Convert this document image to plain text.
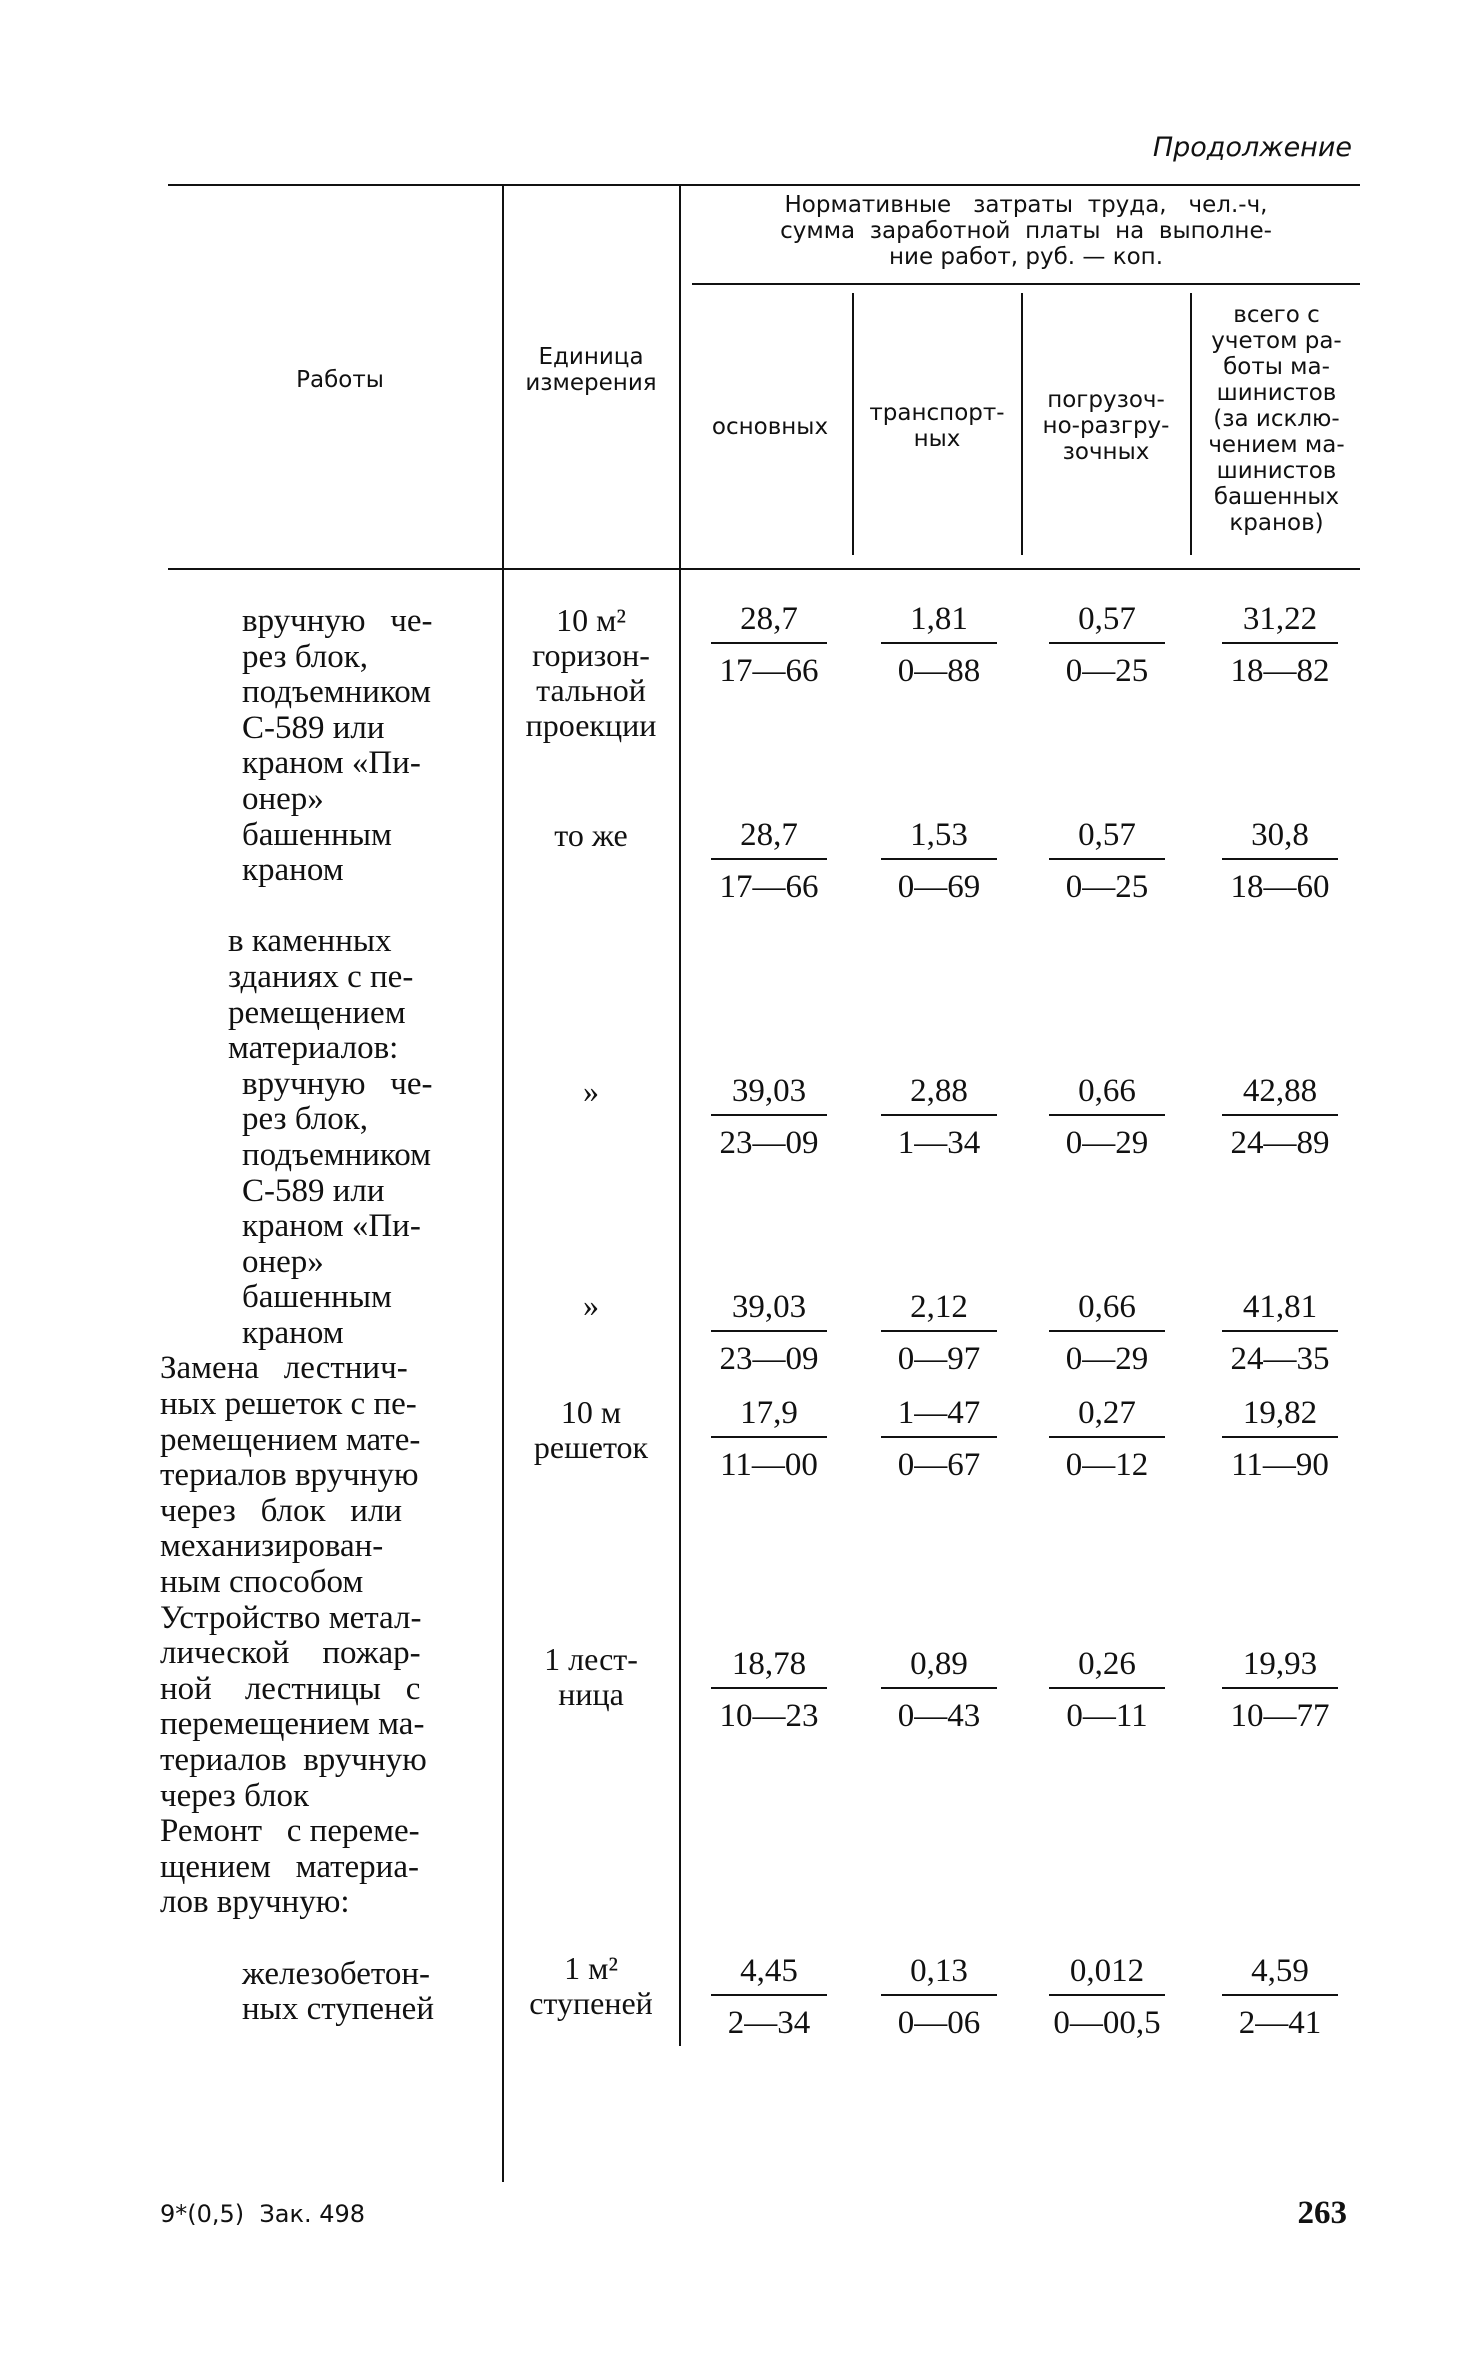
Продолжение
Работы
Единица
измерения
Нормативные   затраты  труда,   чел.-ч,
сумма  заработной  платы  на  выполне-
ние работ, руб. — коп.
основных
транспорт-
ных
погрузоч-
но-разгру-
зочных
всего с
учетом ра-
боты ма-
шинистов
(за исклю-
чением ма-
шинистов
башенных
кранов)
вручную   че-
рез блок,
подъемником
С-589 или
краном «Пи-
онер»
башенным
краном
в каменных
зданиях с пе-
ремещением
материалов:
вручную   че-
рез блок,
подъемником
С-589 или
краном «Пи-
онер»
башенным
краном
Замена   лестнич-
ных решеток с пе-
ремещением мате-
териалов вручную
через   блок   или
механизирован-
ным способом
Устройство метал-
лической    пожар-
ной    лестницы   с
перемещением ма-
териалов  вручную
через блок
Ремонт   с переме-
щением   материа-
лов вручную:
железобетон-
ных ступеней
10 м²
горизон-
тальной
проекции
то же
»
»
10 м
решеток
1 лест-
ница
1 м²
ступеней
$\frac{28,7}{17—66} \frac{1,81}{0—88} \frac{0,57}{0—25} \frac{31,22}{18—82}$
$\frac{28,7}{17—66} \frac{1,53}{0—69} \frac{0,57}{0—25} \frac{30,8}{18—60}$
$\frac{39,03}{23—09} \frac{2,88}{1—34} \frac{0,66}{0—29} \frac{42,88}{24—89}$
$\frac{39,03}{23—09} \frac{2,12}{0—97} \frac{0,66}{0—29} \frac{41,81}{24—35}$
$\frac{17,9}{11—00} \frac{1—47}{0—67} \frac{0,27}{0—12} \frac{19,82}{11—90}$
$\frac{18,78}{10—23} \frac{0,89}{0—43} \frac{0,26}{0—11} \frac{19,93}{10—77}$
$\frac{4,45}{2—34} \frac{0,13}{0—06} \frac{0,012}{0—00,5} \frac{4,59}{2—41}$
9*(0,5)  Зак. 498	263
